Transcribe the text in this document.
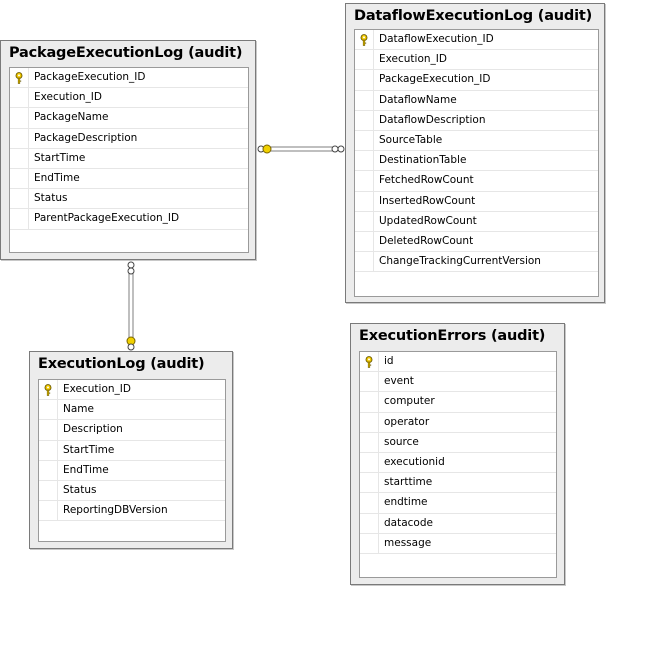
PackageExecutionLog (audit)
PackageExecution_ID
Execution_ID
PackageName
PackageDescription
StartTime
EndTime
Status
ParentPackageExecution_ID
DataflowExecutionLog (audit)
DataflowExecution_ID
Execution_ID
PackageExecution_ID
DataflowName
DataflowDescription
SourceTable
DestinationTable
FetchedRowCount
InsertedRowCount
UpdatedRowCount
DeletedRowCount
ChangeTrackingCurrentVersion
ExecutionLog (audit)
Execution_ID
Name
Description
StartTime
EndTime
Status
ReportingDBVersion
ExecutionErrors (audit)
id
event
computer
operator
source
executionid
starttime
endtime
datacode
message
